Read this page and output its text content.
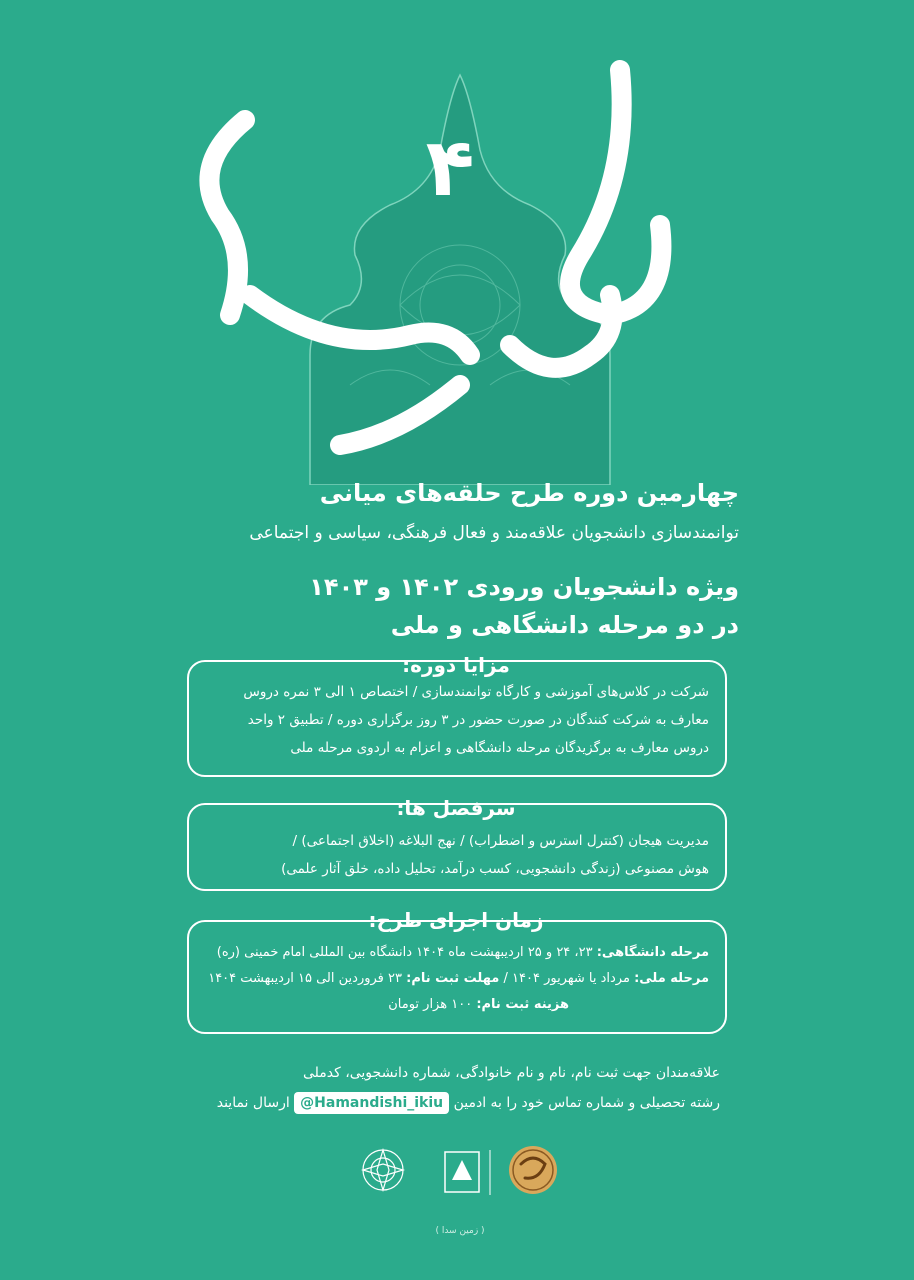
۴
چهارمین دوره طرح حلقه‌های میانی
توانمندسازی دانشجویان علاقه‌مند و فعال فرهنگی، سیاسی و اجتماعی
ویژه دانشجویان ورودی ۱۴۰۲ و ۱۴۰۳
در دو مرحله دانشگاهی و ملی
مزایا دوره:

شرکت در کلاس‌های آموزشی و کارگاه توانمندسازی / اختصاص ۱ الی ۳ نمره دروس

معارف به شرکت کنندگان در صورت حضور در ۳ روز برگزاری دوره / تطبیق ۲ واحد

دروس معارف به برگزیدگان مرحله دانشگاهی و اعزام به اردوی مرحله ملی

سرفصل ها:

مدیریت هیجان (کنترل استرس و اضطراب) / نهج البلاغه (اخلاق اجتماعی) /

هوش مصنوعی (زندگی دانشجویی، کسب درآمد، تحلیل داده، خلق آثار علمی)

زمان اجرای طرح:

مرحله دانشگاهی: ۲۳، ۲۴ و ۲۵ اردیبهشت ماه ۱۴۰۴ دانشگاه بین المللی امام خمینی (ره)

مرحله ملی: مرداد یا شهریور ۱۴۰۴ / مهلت ثبت نام: ۲۳ فروردین الی ۱۵ اردیبهشت ۱۴۰۴

هزینه ثبت نام: ۱۰۰ هزار تومان

علاقه‌مندان جهت ثبت نام، نام و نام خانوادگی، شماره دانشجویی، کدملی
رشته تحصیلی و شماره تماس خود را به ادمین @Hamandishi_ikiu ارسال نمایند
( زمین سدا )
